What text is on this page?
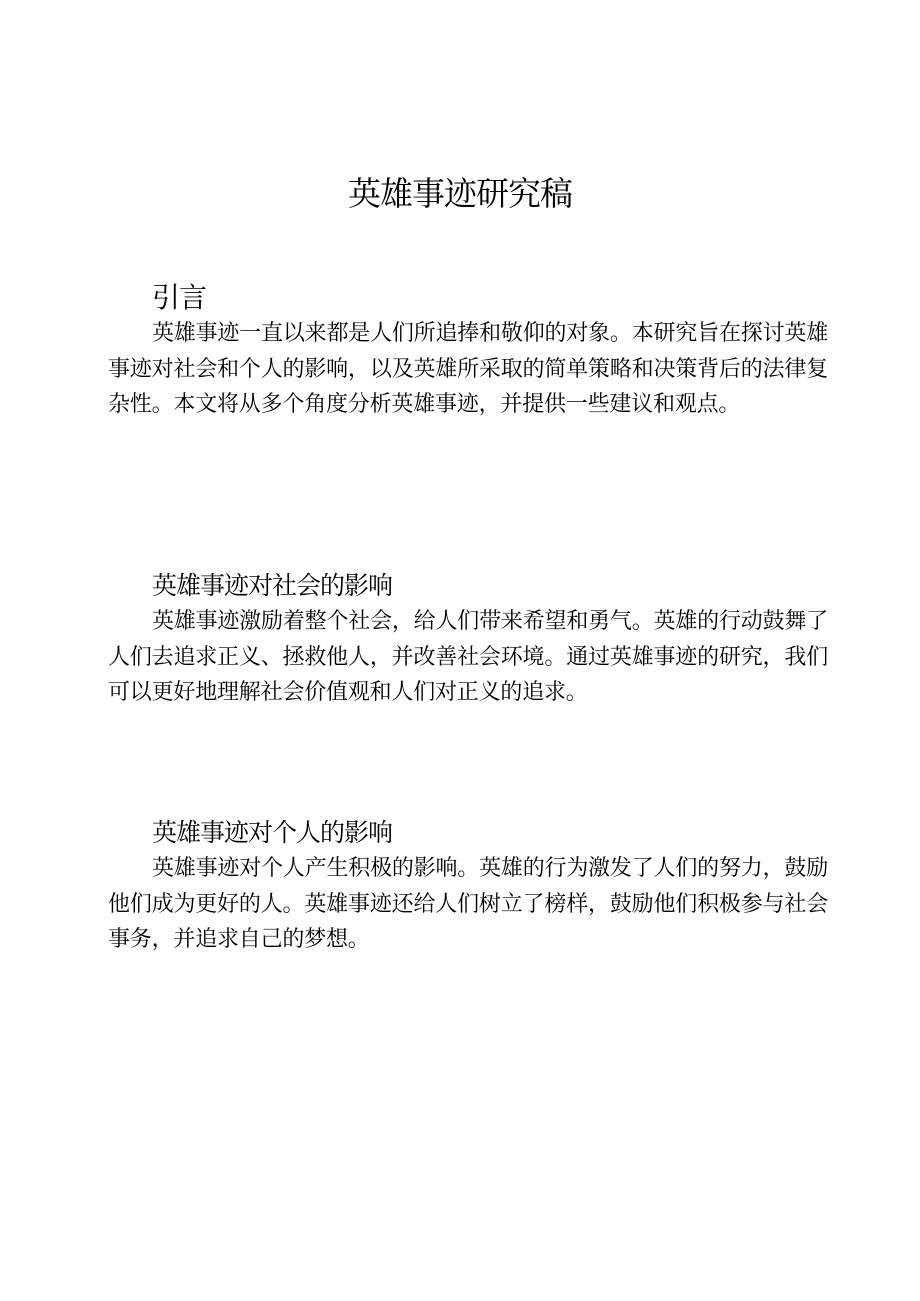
英雄事迹研究稿
引言

英雄事迹一直以来都是人们所追捧和敬仰的对象。本研究旨在探讨英雄事迹对社会和个人的影响，以及英雄所采取的简单策略和决策背后的法律复杂性。本文将从多个角度分析英雄事迹，并提供一些建议和观点。

英雄事迹对社会的影响

英雄事迹激励着整个社会，给人们带来希望和勇气。英雄的行动鼓舞了人们去追求正义、拯救他人，并改善社会环境。通过英雄事迹的研究，我们可以更好地理解社会价值观和人们对正义的追求。

英雄事迹对个人的影响

英雄事迹对个人产生积极的影响。英雄的行为激发了人们的努力，鼓励他们成为更好的人。英雄事迹还给人们树立了榜样，鼓励他们积极参与社会事务，并追求自己的梦想。
